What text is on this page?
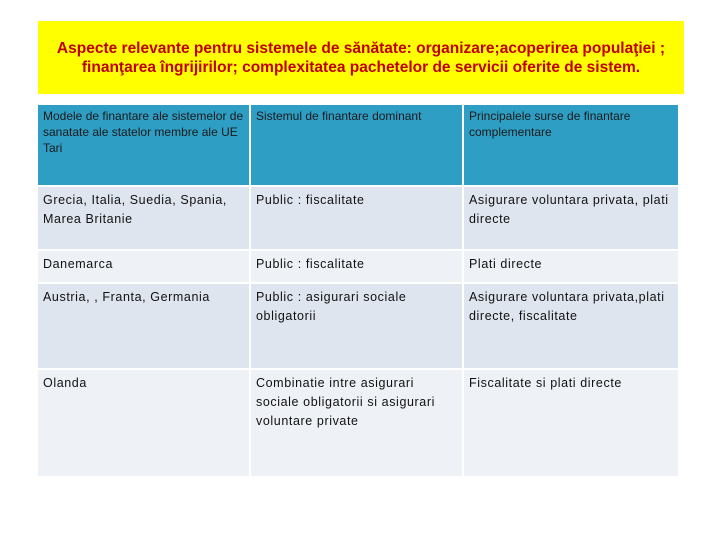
Aspecte relevante pentru sistemele de sănătate: organizare;acoperirea populaţiei ; finanţarea îngrijirilor; complexitatea pachetelor de servicii oferite de sistem.
Modele de finantare ale sistemelor de sanatate ale statelor membre ale UE Tari	Sistemul de finantare dominant	Principalele surse de finantare complementare
Grecia, Italia, Suedia, Spania, Marea Britanie	Public : fiscalitate	Asigurare voluntara privata, plati directe
Danemarca	Public : fiscalitate	Plati directe
Austria, , Franta, Germania	Public : asigurari sociale obligatorii	Asigurare voluntara privata,plati directe, fiscalitate
Olanda	Combinatie intre asigurari sociale obligatorii si asigurari voluntare private	Fiscalitate si plati directe
